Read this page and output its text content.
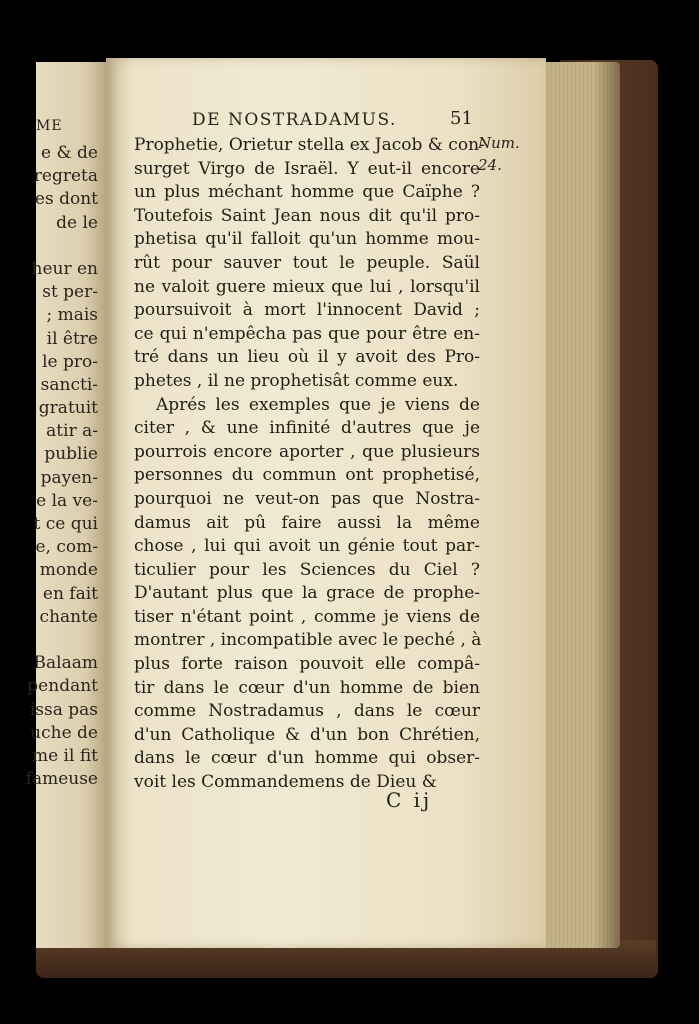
ME
e & de
regreta
es dont
de le
heur en
st per-
; mais
il être
le pro-
sancti-
gratuit
atir a-
publie
payen-
e la ve-
t ce qui
e, com-
monde
en fait
chante
Balaam
pendant
issa pas
uche de
me il fit
fameuse
DE NOSTRADAMUS.	51
Num.
24.
Prophetie, Orietur stella ex Jacob & con-
surget Virgo de Israël. Y eut-il encore
un plus méchant homme que Caïphe ?
Toutefois Saint Jean nous dit qu'il pro-
phetisa qu'il falloit qu'un homme mou-
rût pour sauver tout le peuple. Saül
ne valoit guere mieux que lui , lorsqu'il
poursuivoit à mort l'innocent David ;
ce qui n'empêcha pas que pour être en-
tré dans un lieu où il y avoit des Pro-
phetes , il ne prophetisât comme eux.
Aprés les exemples que je viens de
citer , & une infinité d'autres que je
pourrois encore aporter , que plusieurs
personnes du commun ont prophetisé,
pourquoi ne veut-on pas que Nostra-
damus ait pû faire aussi la même
chose , lui qui avoit un génie tout par-
ticulier pour les Sciences du Ciel ?
D'autant plus que la grace de prophe-
tiser n'étant point , comme je viens de
montrer , incompatible avec le peché , à
plus forte raison pouvoit elle compâ-
tir dans le cœur d'un homme de bien
comme Nostradamus , dans le cœur
d'un Catholique & d'un bon Chrétien,
dans le cœur d'un homme qui obser-
voit les Commandemens de Dieu &
C ij
